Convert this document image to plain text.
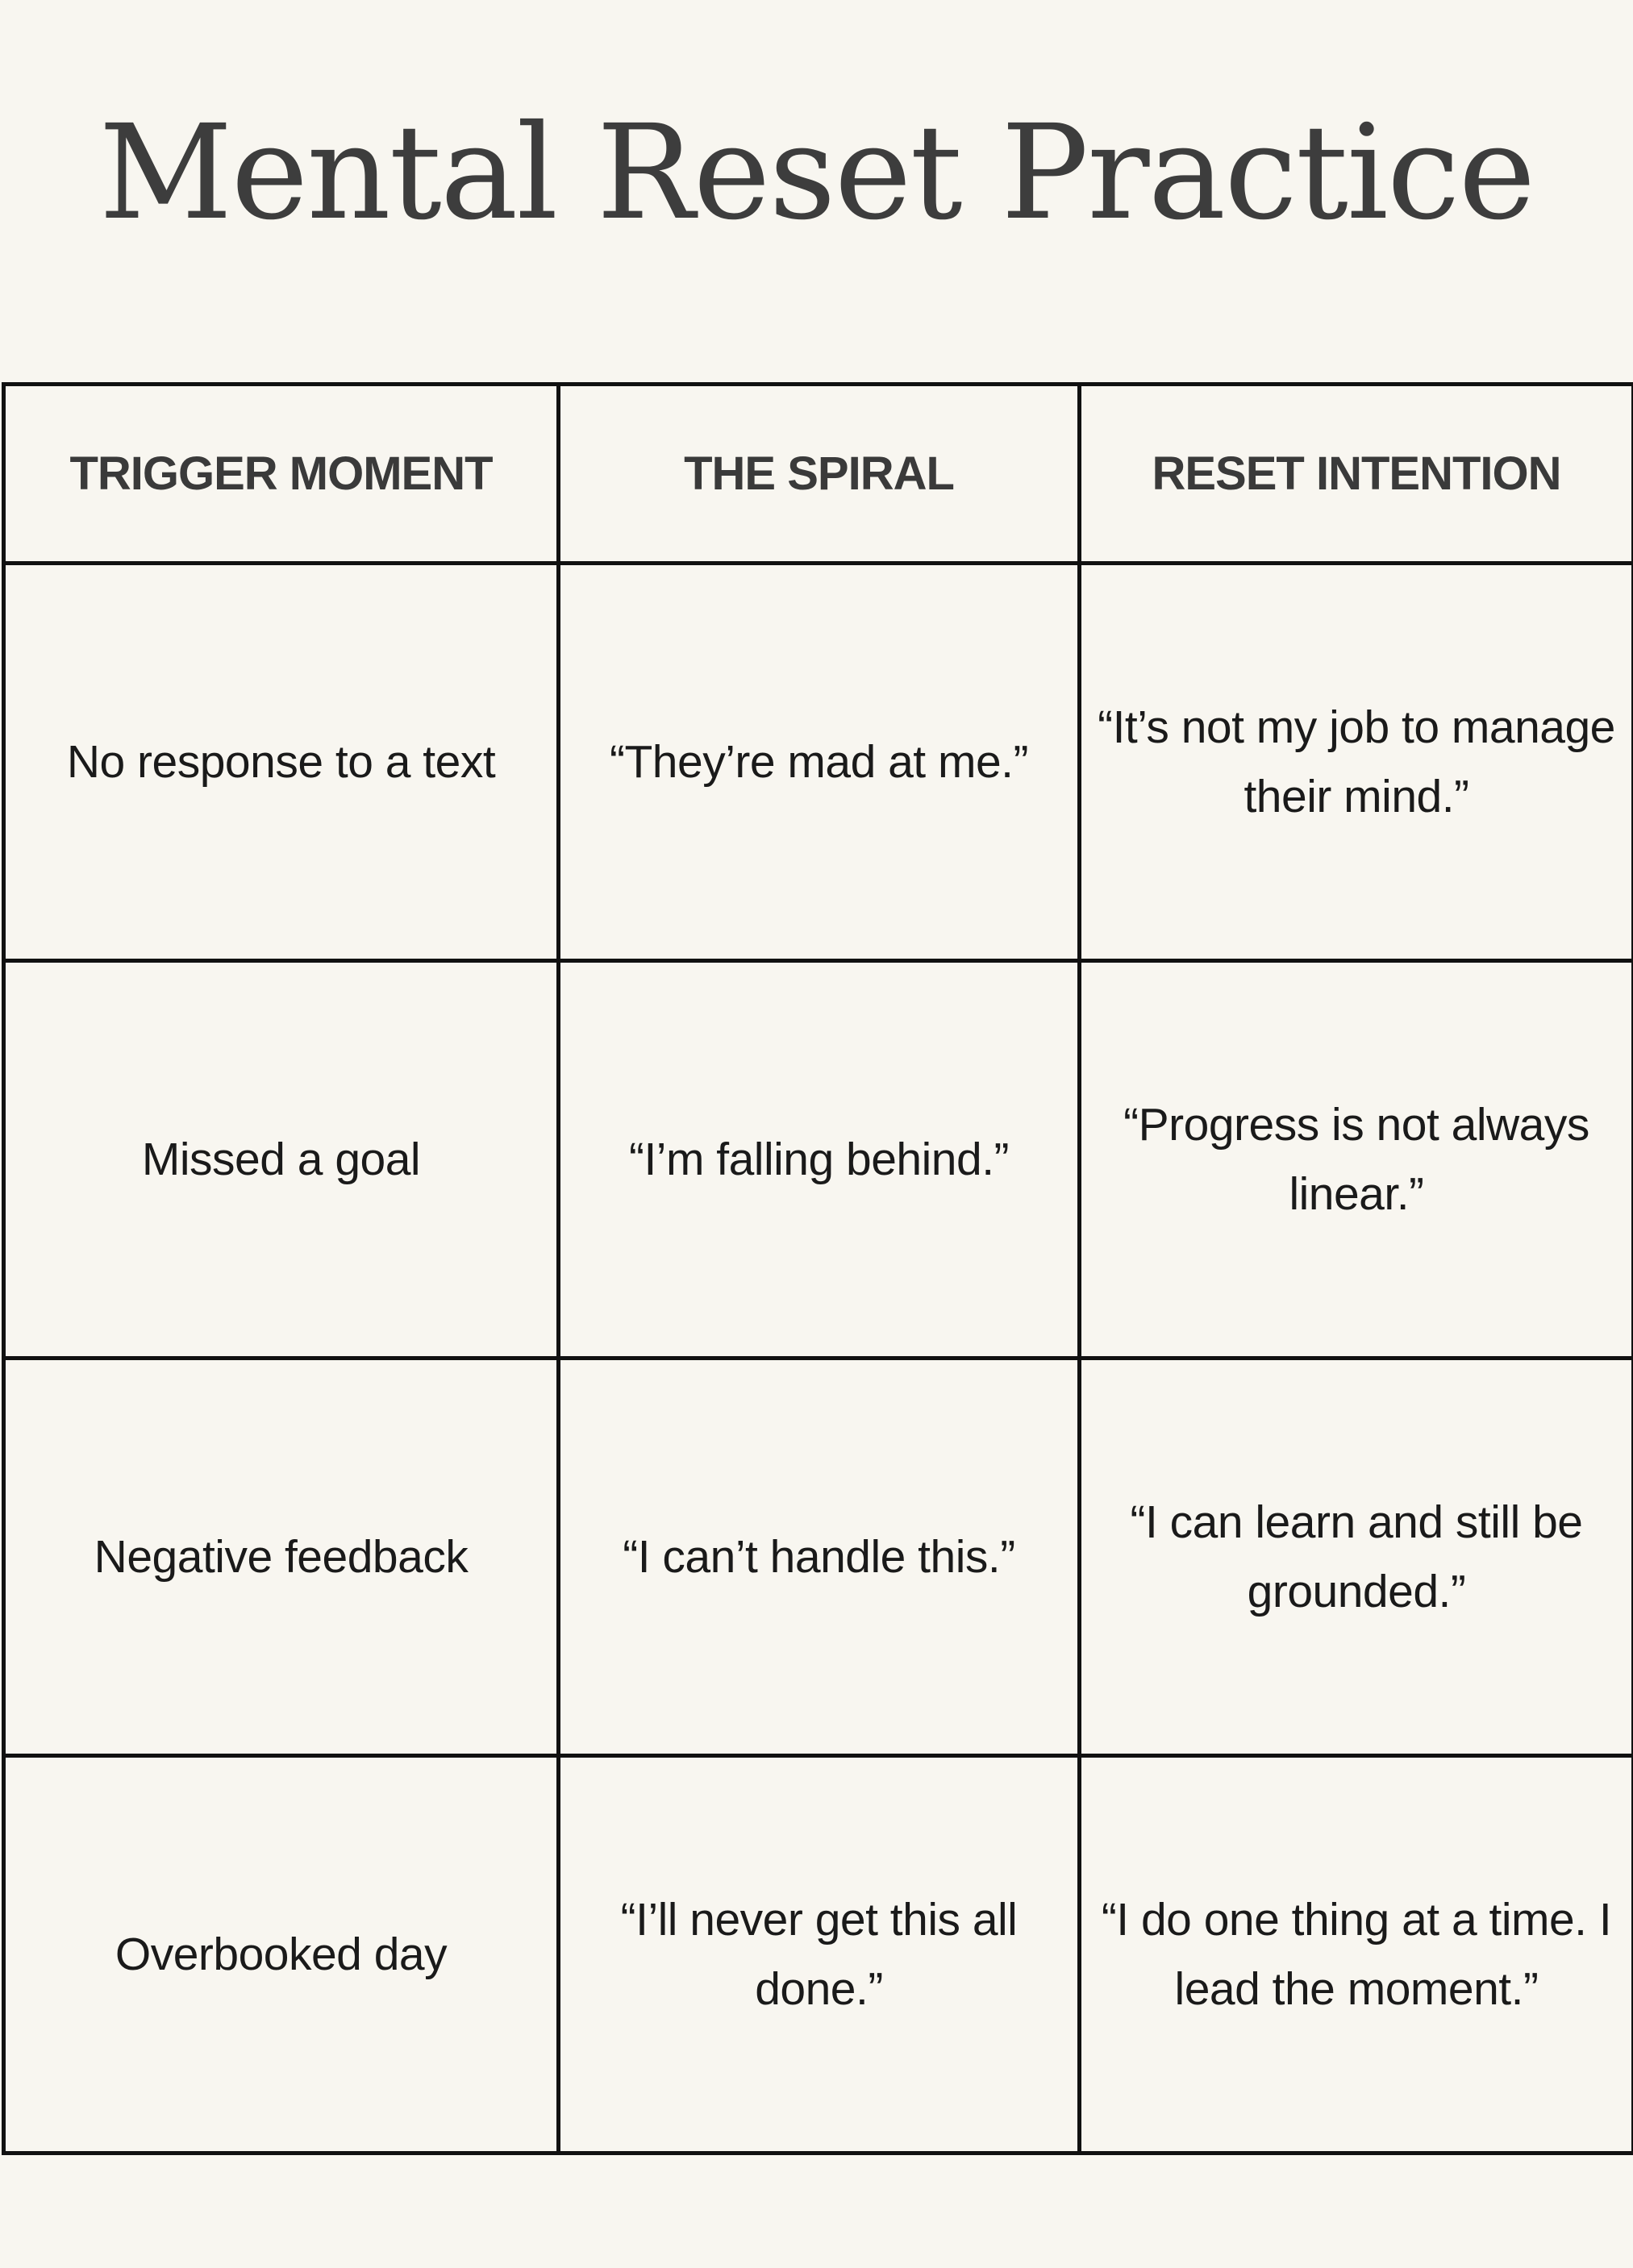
Mental Reset Practice
TRIGGER MOMENT	THE SPIRAL	RESET INTENTION
No response to a text	“They’re mad at me.”	“It’s not my job to manage their mind.”
Missed a goal	“I’m falling behind.”	“Progress is not always linear.”
Negative feedback	“I can’t handle this.”	“I can learn and still be grounded.”
Overbooked day	“I’ll never get this all done.”	“I do one thing at a time. I lead the moment.”
